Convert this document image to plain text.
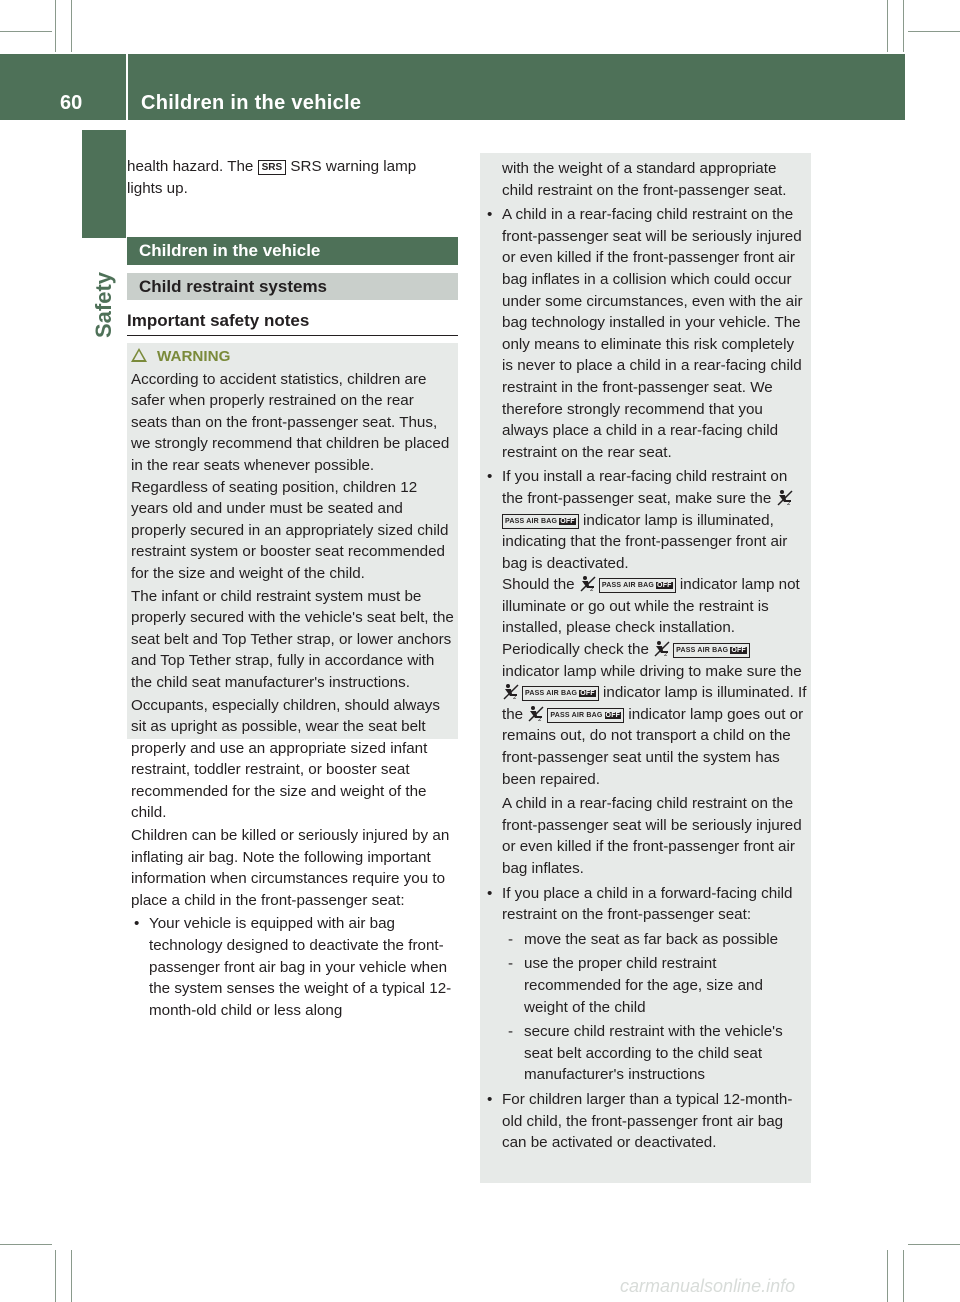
60	Children in the vehicle
Safety

health hazard. The SRS SRS warning lamp

lights up.

Children in the vehicle
Child restraint systems
Important safety notes

WARNING

According to accident statistics, children are safer when properly restrained on the rear seats than on the front-passenger seat. Thus, we strongly recommend that children be placed in the rear seats whenever possible. Regardless of seating position, children 12 years old and under must be seated and properly secured in an appropriately sized child restraint system or booster seat recommended for the size and weight of the child.

The infant or child restraint system must be properly secured with the vehicle's seat belt, the seat belt and Top Tether strap, or lower anchors and Top Tether strap, fully in accordance with the child seat manufacturer's instructions.

Occupants, especially children, should always sit as upright as possible, wear the seat belt properly and use an appropriate sized infant restraint, toddler restraint, or booster seat recommended for the size and weight of the child.

Children can be killed or seriously injured by an inflating air bag. Note the following important information when circumstances require you to place a child in the front-passenger seat:

• Your vehicle is equipped with air bag technology designed to deactivate the front-passenger front air bag in your vehicle when the system senses the weight of a typical 12-month-old child or less along

with the weight of a standard appropriate child restraint on the front-passenger seat.

• A child in a rear-facing child restraint on the front-passenger seat will be seriously injured or even killed if the front-passenger front air bag inflates in a collision which could occur under some circumstances, even with the air bag technology installed in your vehicle. The only means to eliminate this risk completely is never to place a child in a rear-facing child restraint in the front-passenger seat. We therefore strongly recommend that you always place a child in a rear-facing child restraint on the rear seat.

• If you install a rear-facing child restraint on the front-passenger seat, make sure the	2
PASS AIR BAG OFF indicator lamp is illuminated, indicating that the front-passenger front air bag is deactivated.
Should the	2
PASS AIR BAG OFF indicator lamp not illuminate or go out while the restraint is installed, please check installation.
Periodically check the	2
PASS AIR BAG OFF indicator lamp while driving to make sure the
2
PASS AIR BAG OFF indicator lamp is illuminated. If the	2
PASS AIR BAG OFF indicator lamp goes out or remains out, do not transport a child on the front-passenger seat until the system has been repaired.

A child in a rear-facing child restraint on the front-passenger seat will be seriously injured or even killed if the front-passenger front air bag inflates.

• If you place a child in a forward-facing child restraint on the front-passenger seat:

- move the seat as far back as possible

- use the proper child restraint recommended for the age, size and weight of the child

- secure child restraint with the vehicle's seat belt according to the child seat manufacturer's instructions

• For children larger than a typical 12-month-old child, the front-passenger front air bag can be activated or deactivated.

carmanualsonline.info
